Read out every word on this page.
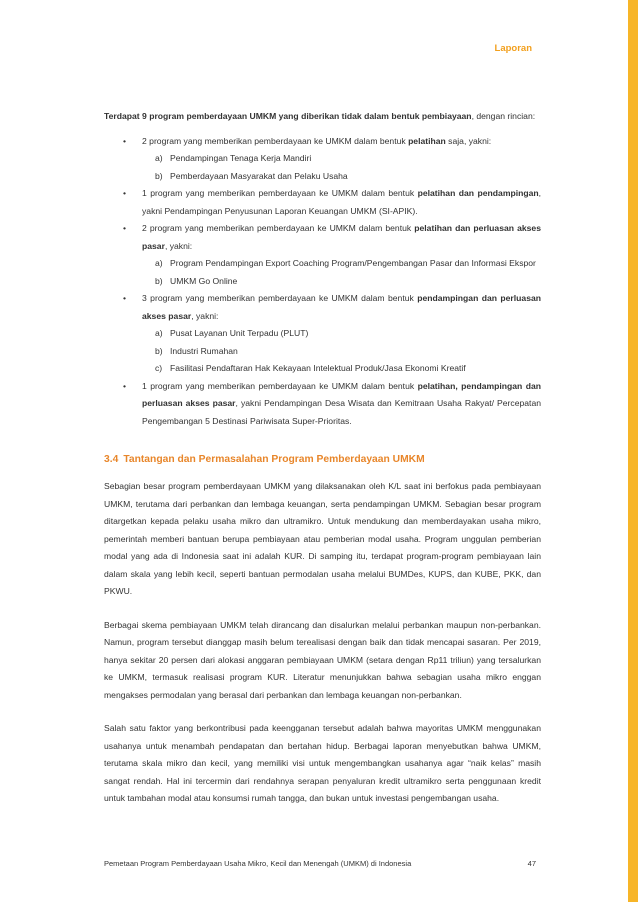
Laporan

Terdapat 9 program pemberdayaan UMKM yang diberikan tidak dalam bentuk pembiayaan, dengan rincian:

• 2 program yang memberikan pemberdayaan ke UMKM dalam bentuk pelatihan saja, yakni:
a) Pendampingan Tenaga Kerja Mandiri
b) Pemberdayaan Masyarakat dan Pelaku Usaha
• 1 program yang memberikan pemberdayaan ke UMKM dalam bentuk pelatihan dan pendampingan, yakni Pendampingan Penyusunan Laporan Keuangan UMKM (SI-APIK).
• 2 program yang memberikan pemberdayaan ke UMKM dalam bentuk pelatihan dan perluasan akses pasar, yakni:
a) Program Pendampingan Export Coaching Program/Pengembangan Pasar dan Informasi Ekspor
b) UMKM Go Online
• 3 program yang memberikan pemberdayaan ke UMKM dalam bentuk pendampingan dan perluasan akses pasar, yakni:
a) Pusat Layanan Unit Terpadu (PLUT)
b) Industri Rumahan
c) Fasilitasi Pendaftaran Hak Kekayaan Intelektual Produk/Jasa Ekonomi Kreatif
• 1 program yang memberikan pemberdayaan ke UMKM dalam bentuk pelatihan, pendampingan dan perluasan akses pasar, yakni Pendampingan Desa Wisata dan Kemitraan Usaha Rakyat/ Percepatan Pengembangan 5 Destinasi Pariwisata Super-Prioritas.
3.4 Tantangan dan Permasalahan Program Pemberdayaan UMKM

Sebagian besar program pemberdayaan UMKM yang dilaksanakan oleh K/L saat ini berfokus pada pembiayaan UMKM, terutama dari perbankan dan lembaga keuangan, serta pendampingan UMKM. Sebagian besar program ditargetkan kepada pelaku usaha mikro dan ultramikro. Untuk mendukung dan memberdayakan usaha mikro, pemerintah memberi bantuan berupa pembiayaan atau pemberian modal usaha. Program unggulan pemberian modal yang ada di Indonesia saat ini adalah KUR. Di samping itu, terdapat program-program pembiayaan lain dalam skala yang lebih kecil, seperti bantuan permodalan usaha melalui BUMDes, KUPS, dan KUBE, PKK, dan PKWU.

Berbagai skema pembiayaan UMKM telah dirancang dan disalurkan melalui perbankan maupun non-perbankan. Namun, program tersebut dianggap masih belum terealisasi dengan baik dan tidak mencapai sasaran. Per 2019, hanya sekitar 20 persen dari alokasi anggaran pembiayaan UMKM (setara dengan Rp11 triliun) yang tersalurkan ke UMKM, termasuk realisasi program KUR. Literatur menunjukkan bahwa sebagian usaha mikro enggan mengakses permodalan yang berasal dari perbankan dan lembaga keuangan non-perbankan.

Salah satu faktor yang berkontribusi pada keengganan tersebut adalah bahwa mayoritas UMKM menggunakan usahanya untuk menambah pendapatan dan bertahan hidup. Berbagai laporan menyebutkan bahwa UMKM, terutama skala mikro dan kecil, yang memiliki visi untuk mengembangkan usahanya agar “naik kelas” masih sangat rendah. Hal ini tercermin dari rendahnya serapan penyaluran kredit ultramikro serta penggunaan kredit untuk tambahan modal atau konsumsi rumah tangga, dan bukan untuk investasi pengembangan usaha.

Pemetaan Program Pemberdayaan Usaha Mikro, Kecil dan Menengah (UMKM) di Indonesia	47
